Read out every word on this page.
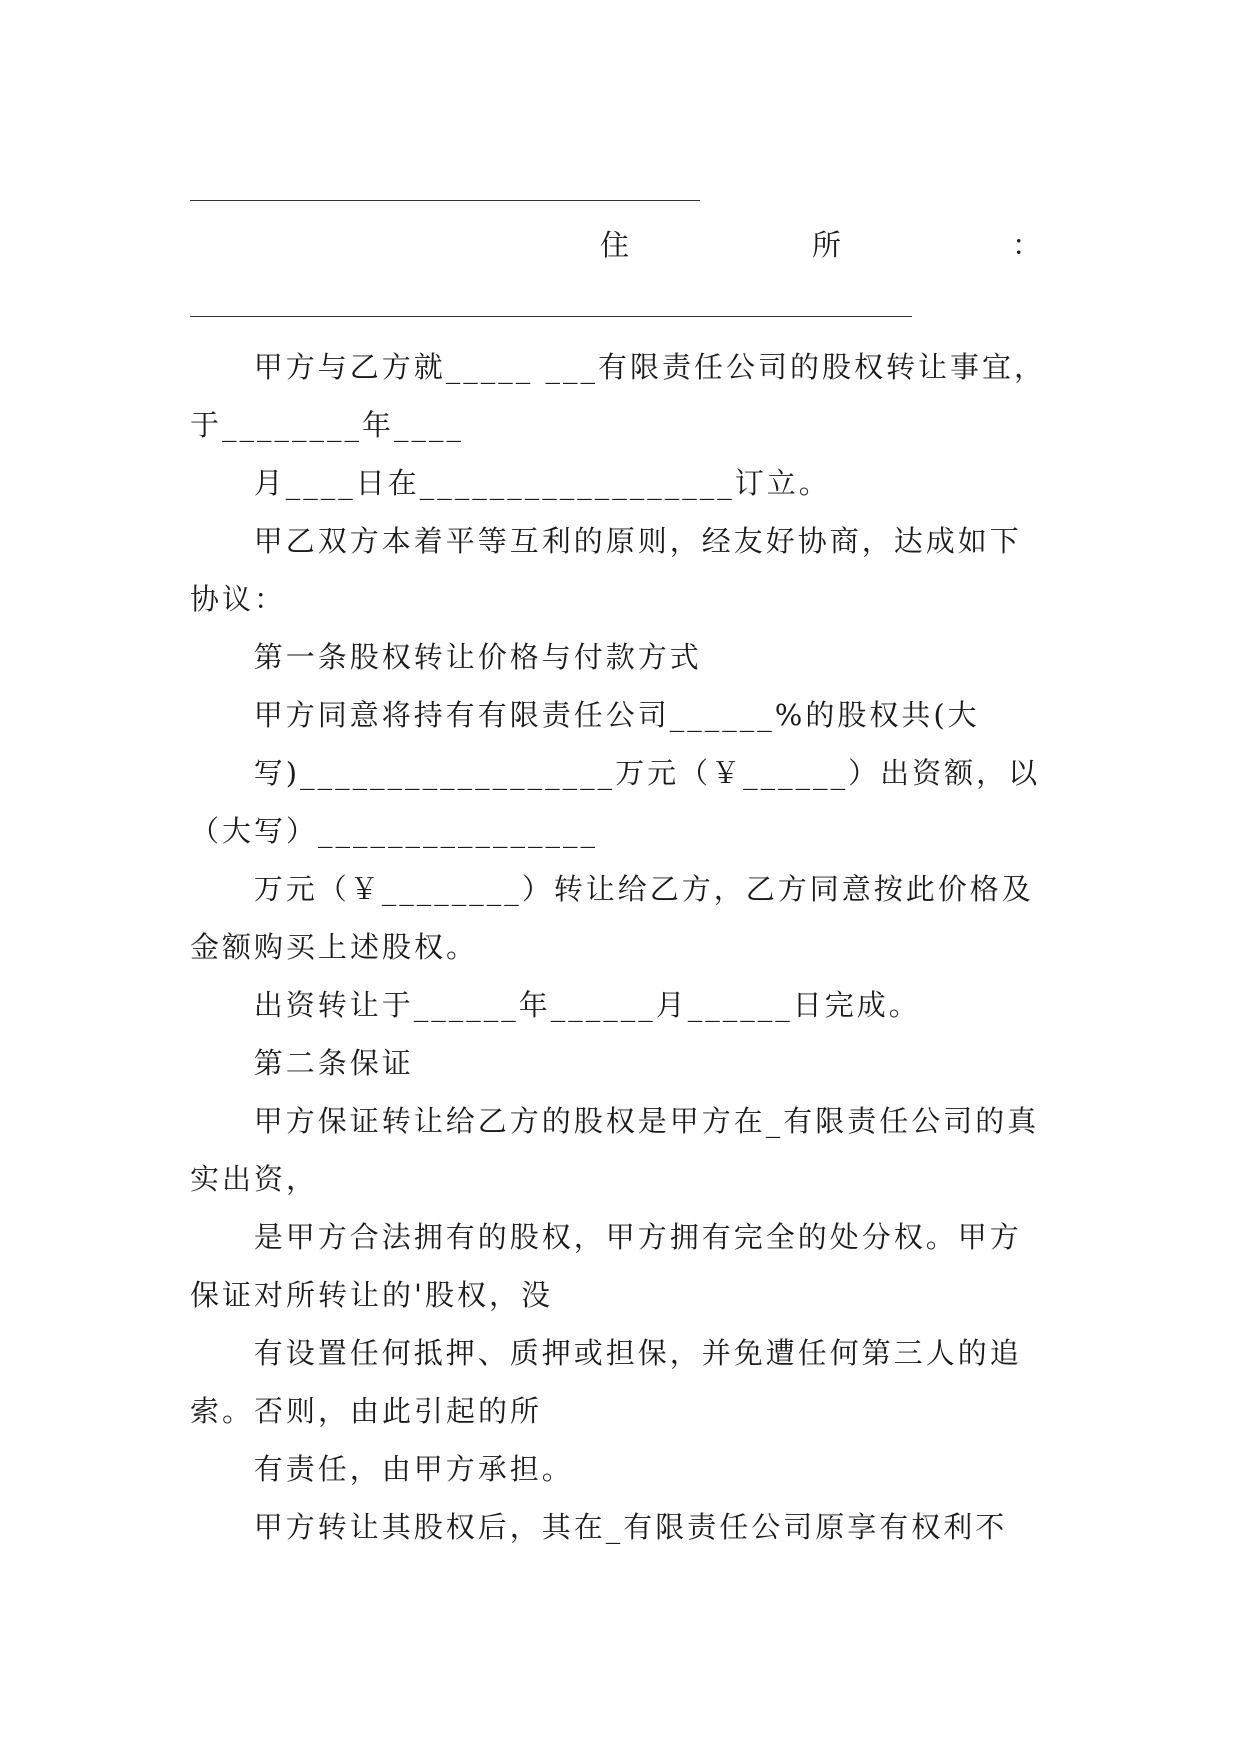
住	所	：

甲方与乙方就_____ ___有限责任公司的股权转让事宜，于________年____

月____日在__________________订立。

甲乙双方本着平等互利的原则，经友好协商，达成如下协议：

第一条股权转让价格与付款方式

甲方同意将持有有限责任公司______%的股权共(大

写)__________________万元（￥______）出资额，以（大写）________________

万元（￥________）转让给乙方，乙方同意按此价格及金额购买上述股权。

出资转让于______年______月______日完成。

第二条保证

甲方保证转让给乙方的股权是甲方在_有限责任公司的真实出资，

是甲方合法拥有的股权，甲方拥有完全的处分权。甲方保证对所转让的'股权，没

有设置任何抵押、质押或担保，并免遭任何第三人的追索。否则，由此引起的所

有责任，由甲方承担。

甲方转让其股权后，其在_有限责任公司原享有权利不
